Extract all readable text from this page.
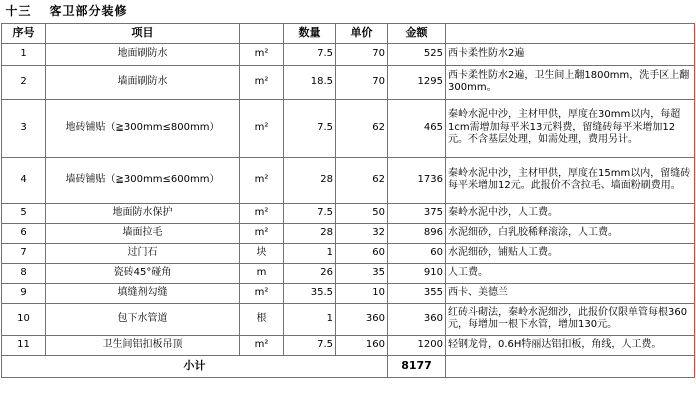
十三	客卫部分装修					
序号	项目		数量	单价	金额	
1	地面刷防水	m²	7.5	70	525	西卡柔性防水2遍
2	墙面刷防水	m²	18.5	70	1295	西卡柔性防水2遍，卫生间上翻1800mm，洗手区上翻300mm。
3	地砖铺贴（≧300mm≤800mm）	m²	7.5	62	465	秦岭水泥中沙，主材甲供，厚度在30mm以内，每超1cm需增加每平米13元料费，留缝砖每平米增加12元。不含基层处理，如需处理，费用另计。
4	墙砖铺贴（≧300mm≤600mm）	m²	28	62	1736	秦岭水泥中沙，主材甲供，厚度在15mm以内，留缝砖每平米增加12元。此报价不含拉毛、墙面粉刷费用。
5	地面防水保护	m²	7.5	50	375	秦岭水泥中沙，人工费。
6	墙面拉毛	m²	28	32	896	水泥细砂，白乳胶稀释滚涂，人工费。
7	过门石	块	1	60	60	水泥细砂，铺贴人工费。
8	瓷砖45°碰角	m	26	35	910	人工费。
9	填缝剂勾缝	m²	35.5	10	355	西卡、美德兰
10	包下水管道	根	1	360	360	红砖斗砌法，秦岭水泥细沙，此报价仅限单管每根360元，每增加一根下水管，增加130元。
11	卫生间铝扣板吊顶	m²	7.5	160	1200	轻钢龙骨，0.6H特丽达铝扣板，角线，人工费。
小计					8177	
